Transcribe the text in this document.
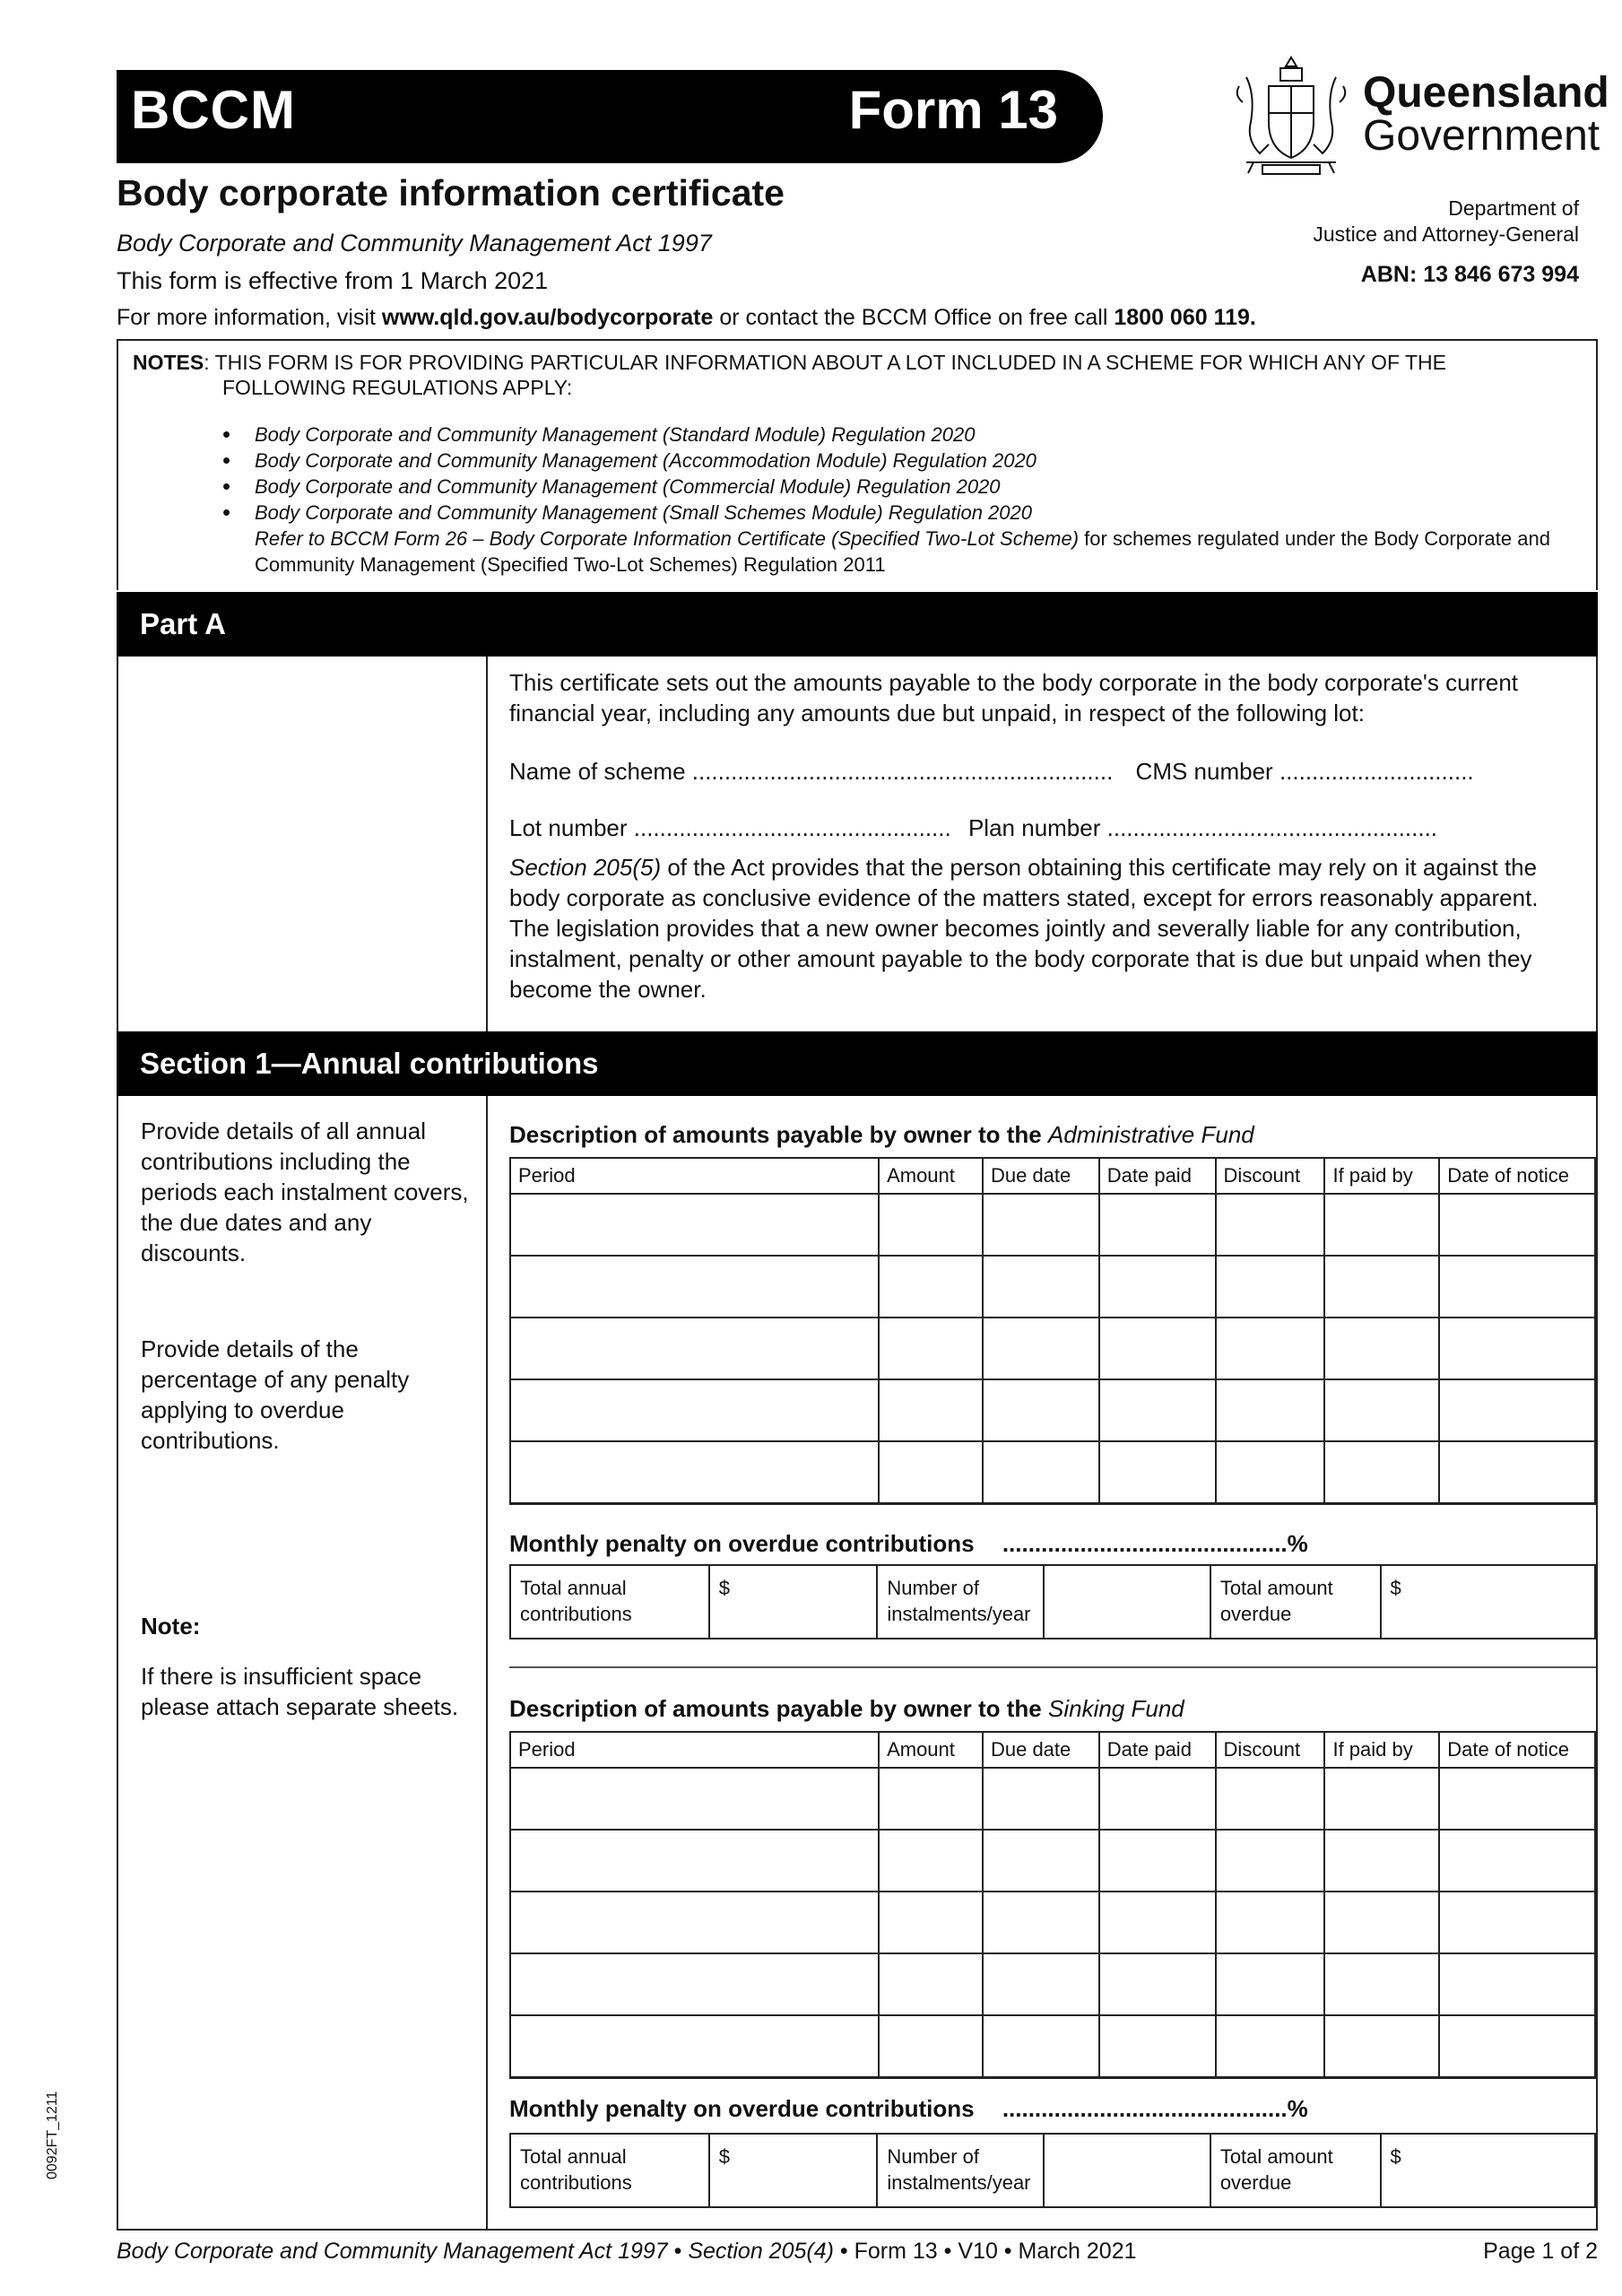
BCCM	Form 13	Queensland
Government
Body corporate information certificate
Body Corporate and Community Management Act 1997
This form is effective from 1 March 2021
For more information, visit www.qld.gov.au/bodycorporate or contact the BCCM Office on free call 1800 060 119.
Department of
Justice and Attorney-General
ABN: 13 846 673 994
NOTES: THIS FORM IS FOR PROVIDING PARTICULAR INFORMATION ABOUT A LOT INCLUDED IN A SCHEME FOR WHICH ANY OF THE
FOLLOWING REGULATIONS APPLY:
• Body Corporate and Community Management (Standard Module) Regulation 2020
• Body Corporate and Community Management (Accommodation Module) Regulation 2020
• Body Corporate and Community Management (Commercial Module) Regulation 2020
• Body Corporate and Community Management (Small Schemes Module) Regulation 2020
Refer to BCCM Form 26 – Body Corporate Information Certificate (Specified Two-Lot Scheme) for schemes regulated under the Body Corporate and Community Management (Specified Two-Lot Schemes) Regulation 2011
Part A
This certificate sets out the amounts payable to the body corporate in the body corporate's current financial year, including any amounts due but unpaid, in respect of the following lot:
Name of scheme ................................................................. CMS number ..............................
Lot number ................................................. Plan number ...................................................
Section 205(5) of the Act provides that the person obtaining this certificate may rely on it against the body corporate as conclusive evidence of the matters stated, except for errors reasonably apparent. The legislation provides that a new owner becomes jointly and severally liable for any contribution, instalment, penalty or other amount payable to the body corporate that is due but unpaid when they become the owner.
Section 1—Annual contributions
Provide details of all annual contributions including the periods each instalment covers, the due dates and any discounts.
Provide details of the percentage of any penalty applying to overdue contributions.
Note:
If there is insufficient space please attach separate sheets.
Description of amounts payable by owner to the Administrative Fund
Period	Amount	Due date	Date paid	Discount	If paid by	Date of notice

Monthly penalty on overdue contributions ............................................%
Total annual contributions	$	Number of instalments/year		Total amount overdue	$
Description of amounts payable by owner to the Sinking Fund
Period	Amount	Due date	Date paid	Discount	If paid by	Date of notice

Monthly penalty on overdue contributions ............................................%
Total annual contributions	$	Number of instalments/year		Total amount overdue	$
0092FT_1211
Body Corporate and Community Management Act 1997 • Section 205(4) • Form 13 • V10 • March 2021	Page 1 of 2
